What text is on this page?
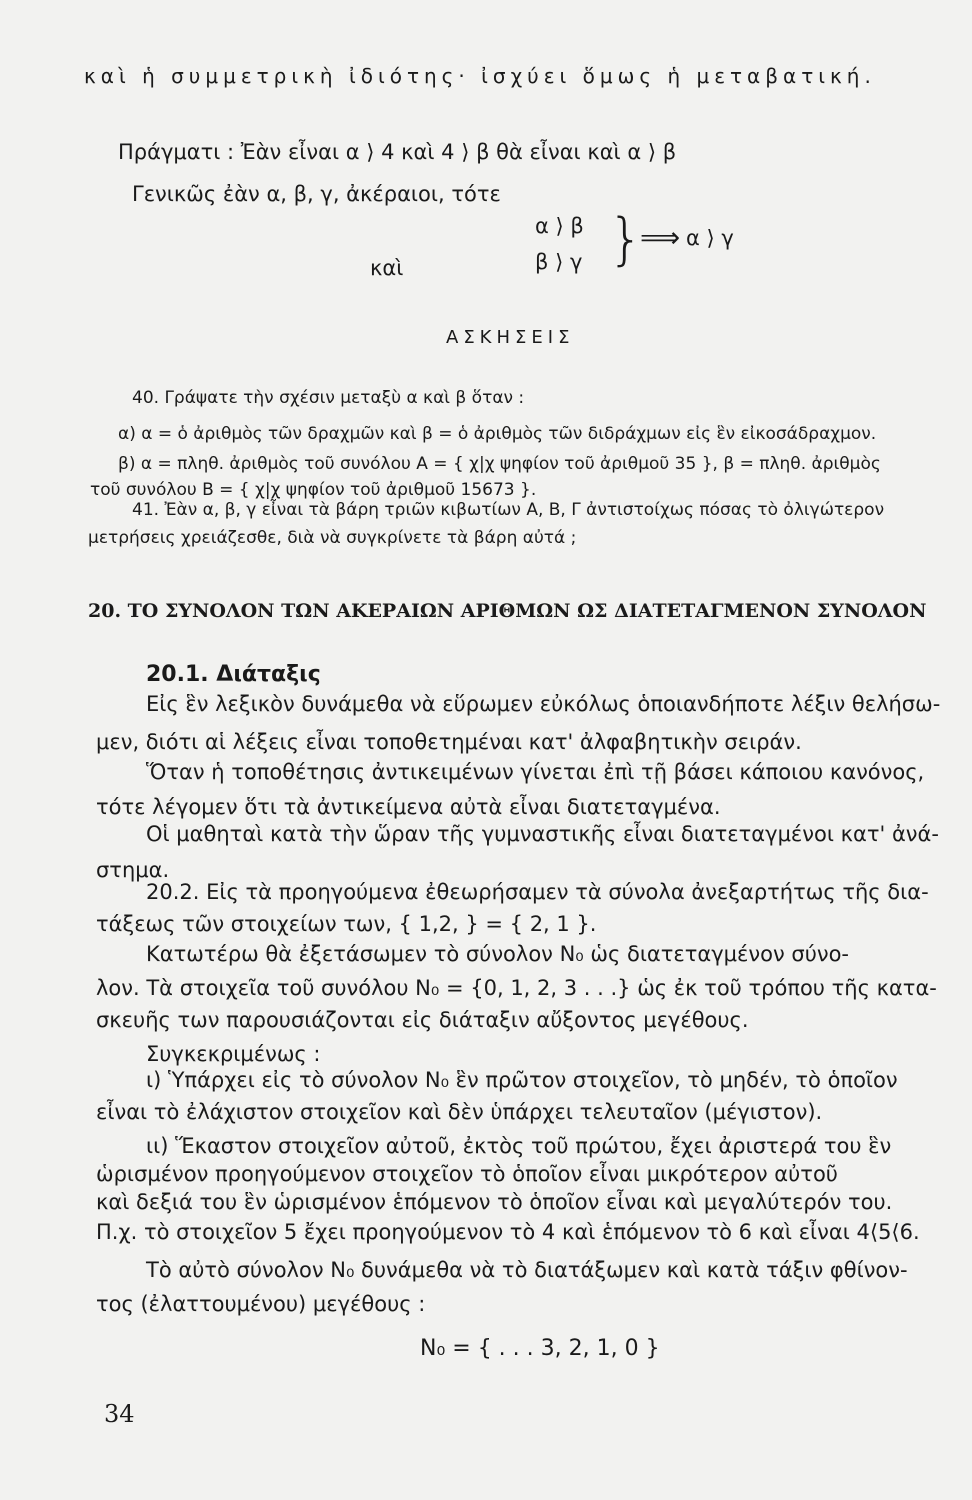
καὶ ἡ συμμετρικὴ ἰδιότης· ἰσχύει ὅμως ἡ μεταβατική.
Πράγματι : Ἐὰν εἶναι α ⟩ 4 καὶ 4 ⟩ β θὰ εἶναι καὶ α ⟩ β
Γενικῶς ἐὰν α, β, γ, ἀκέραιοι, τότε
α ⟩ β
καὶ	β ⟩ γ }
⟹ α ⟩ γ
ΑΣΚΗΣΕΙΣ
40. Γράψατε τὴν σχέσιν μεταξὺ α καὶ β ὅταν :
α) α = ὁ ἀριθμὸς τῶν δραχμῶν καὶ β = ὁ ἀριθμὸς τῶν διδράχμων εἰς ἓν εἰκοσάδραχμον.
β) α = πληθ. ἀριθμὸς τοῦ συνόλου Α = { χ|χ ψηφίον τοῦ ἀριθμοῦ 35 }, β = πληθ. ἀριθμὸς
τοῦ συνόλου Β = { χ|χ ψηφίον τοῦ ἀριθμοῦ 15673 }.
41. Ἐὰν α, β, γ εἶναι τὰ βάρη τριῶν κιβωτίων Α, Β, Γ ἀντιστοίχως πόσας τὸ ὀλιγώτερον
μετρήσεις χρειάζεσθε, διὰ νὰ συγκρίνετε τὰ βάρη αὐτά ;
20. ΤΟ ΣΥΝΟΛΟΝ ΤΩΝ ΑΚΕΡΑΙΩΝ ΑΡΙΘΜΩΝ ΩΣ ΔΙΑΤΕΤΑΓΜΕΝΟΝ ΣΥΝΟΛΟΝ
20.1. Διάταξις
Εἰς ἓν λεξικὸν δυνάμεθα νὰ εὕρωμεν εὐκόλως ὁποιανδήποτε λέξιν θελήσω-
μεν, διότι αἱ λέξεις εἶναι τοποθετημέναι κατ' ἀλφαβητικὴν σειράν.
Ὅταν ἡ τοποθέτησις ἀντικειμένων γίνεται ἐπὶ τῇ βάσει κάποιου κανόνος,
τότε λέγομεν ὅτι τὰ ἀντικείμενα αὐτὰ εἶναι διατεταγμένα.
Οἱ μαθηταὶ κατὰ τὴν ὥραν τῆς γυμναστικῆς εἶναι διατεταγμένοι κατ' ἀνά-
στημα.
20.2. Εἰς τὰ προηγούμενα ἐθεωρήσαμεν τὰ σύνολα ἀνεξαρτήτως τῆς δια-
τάξεως τῶν στοιχείων των, { 1,2, } = { 2, 1 }.
Κατωτέρω θὰ ἐξετάσωμεν τὸ σύνολον N₀ ὡς διατεταγμένον σύνο-
λον. Τὰ στοιχεῖα τοῦ συνόλου N₀ = {0, 1, 2, 3 . . .} ὡς ἐκ τοῦ τρόπου τῆς κατα-
σκευῆς των παρουσιάζονται εἰς διάταξιν αὔξοντος μεγέθους.
Συγκεκριμένως :
ι) Ὑπάρχει εἰς τὸ σύνολον N₀ ἓν πρῶτον στοιχεῖον, τὸ μηδέν, τὸ ὁποῖον
εἶναι τὸ ἐλάχιστον στοιχεῖον καὶ δὲν ὑπάρχει τελευταῖον (μέγιστον).
ιι) Ἕκαστον στοιχεῖον αὐτοῦ, ἐκτὸς τοῦ πρώτου, ἔχει ἀριστερά του ἓν
ὡρισμένον προηγούμενον στοιχεῖον τὸ ὁποῖον εἶναι μικρότερον αὐτοῦ
καὶ δεξιά του ἓν ὡρισμένον ἑπόμενον τὸ ὁποῖον εἶναι καὶ μεγαλύτερόν του.
Π.χ. τὸ στοιχεῖον 5 ἔχει προηγούμενον τὸ 4 καὶ ἑπόμενον τὸ 6 καὶ εἶναι 4⟨5⟨6.
Τὸ αὐτὸ σύνολον N₀ δυνάμεθα νὰ τὸ διατάξωμεν καὶ κατὰ τάξιν φθίνον-
τος (ἐλαττουμένου) μεγέθους :
N₀ = { . . . 3, 2, 1, 0 }
34
